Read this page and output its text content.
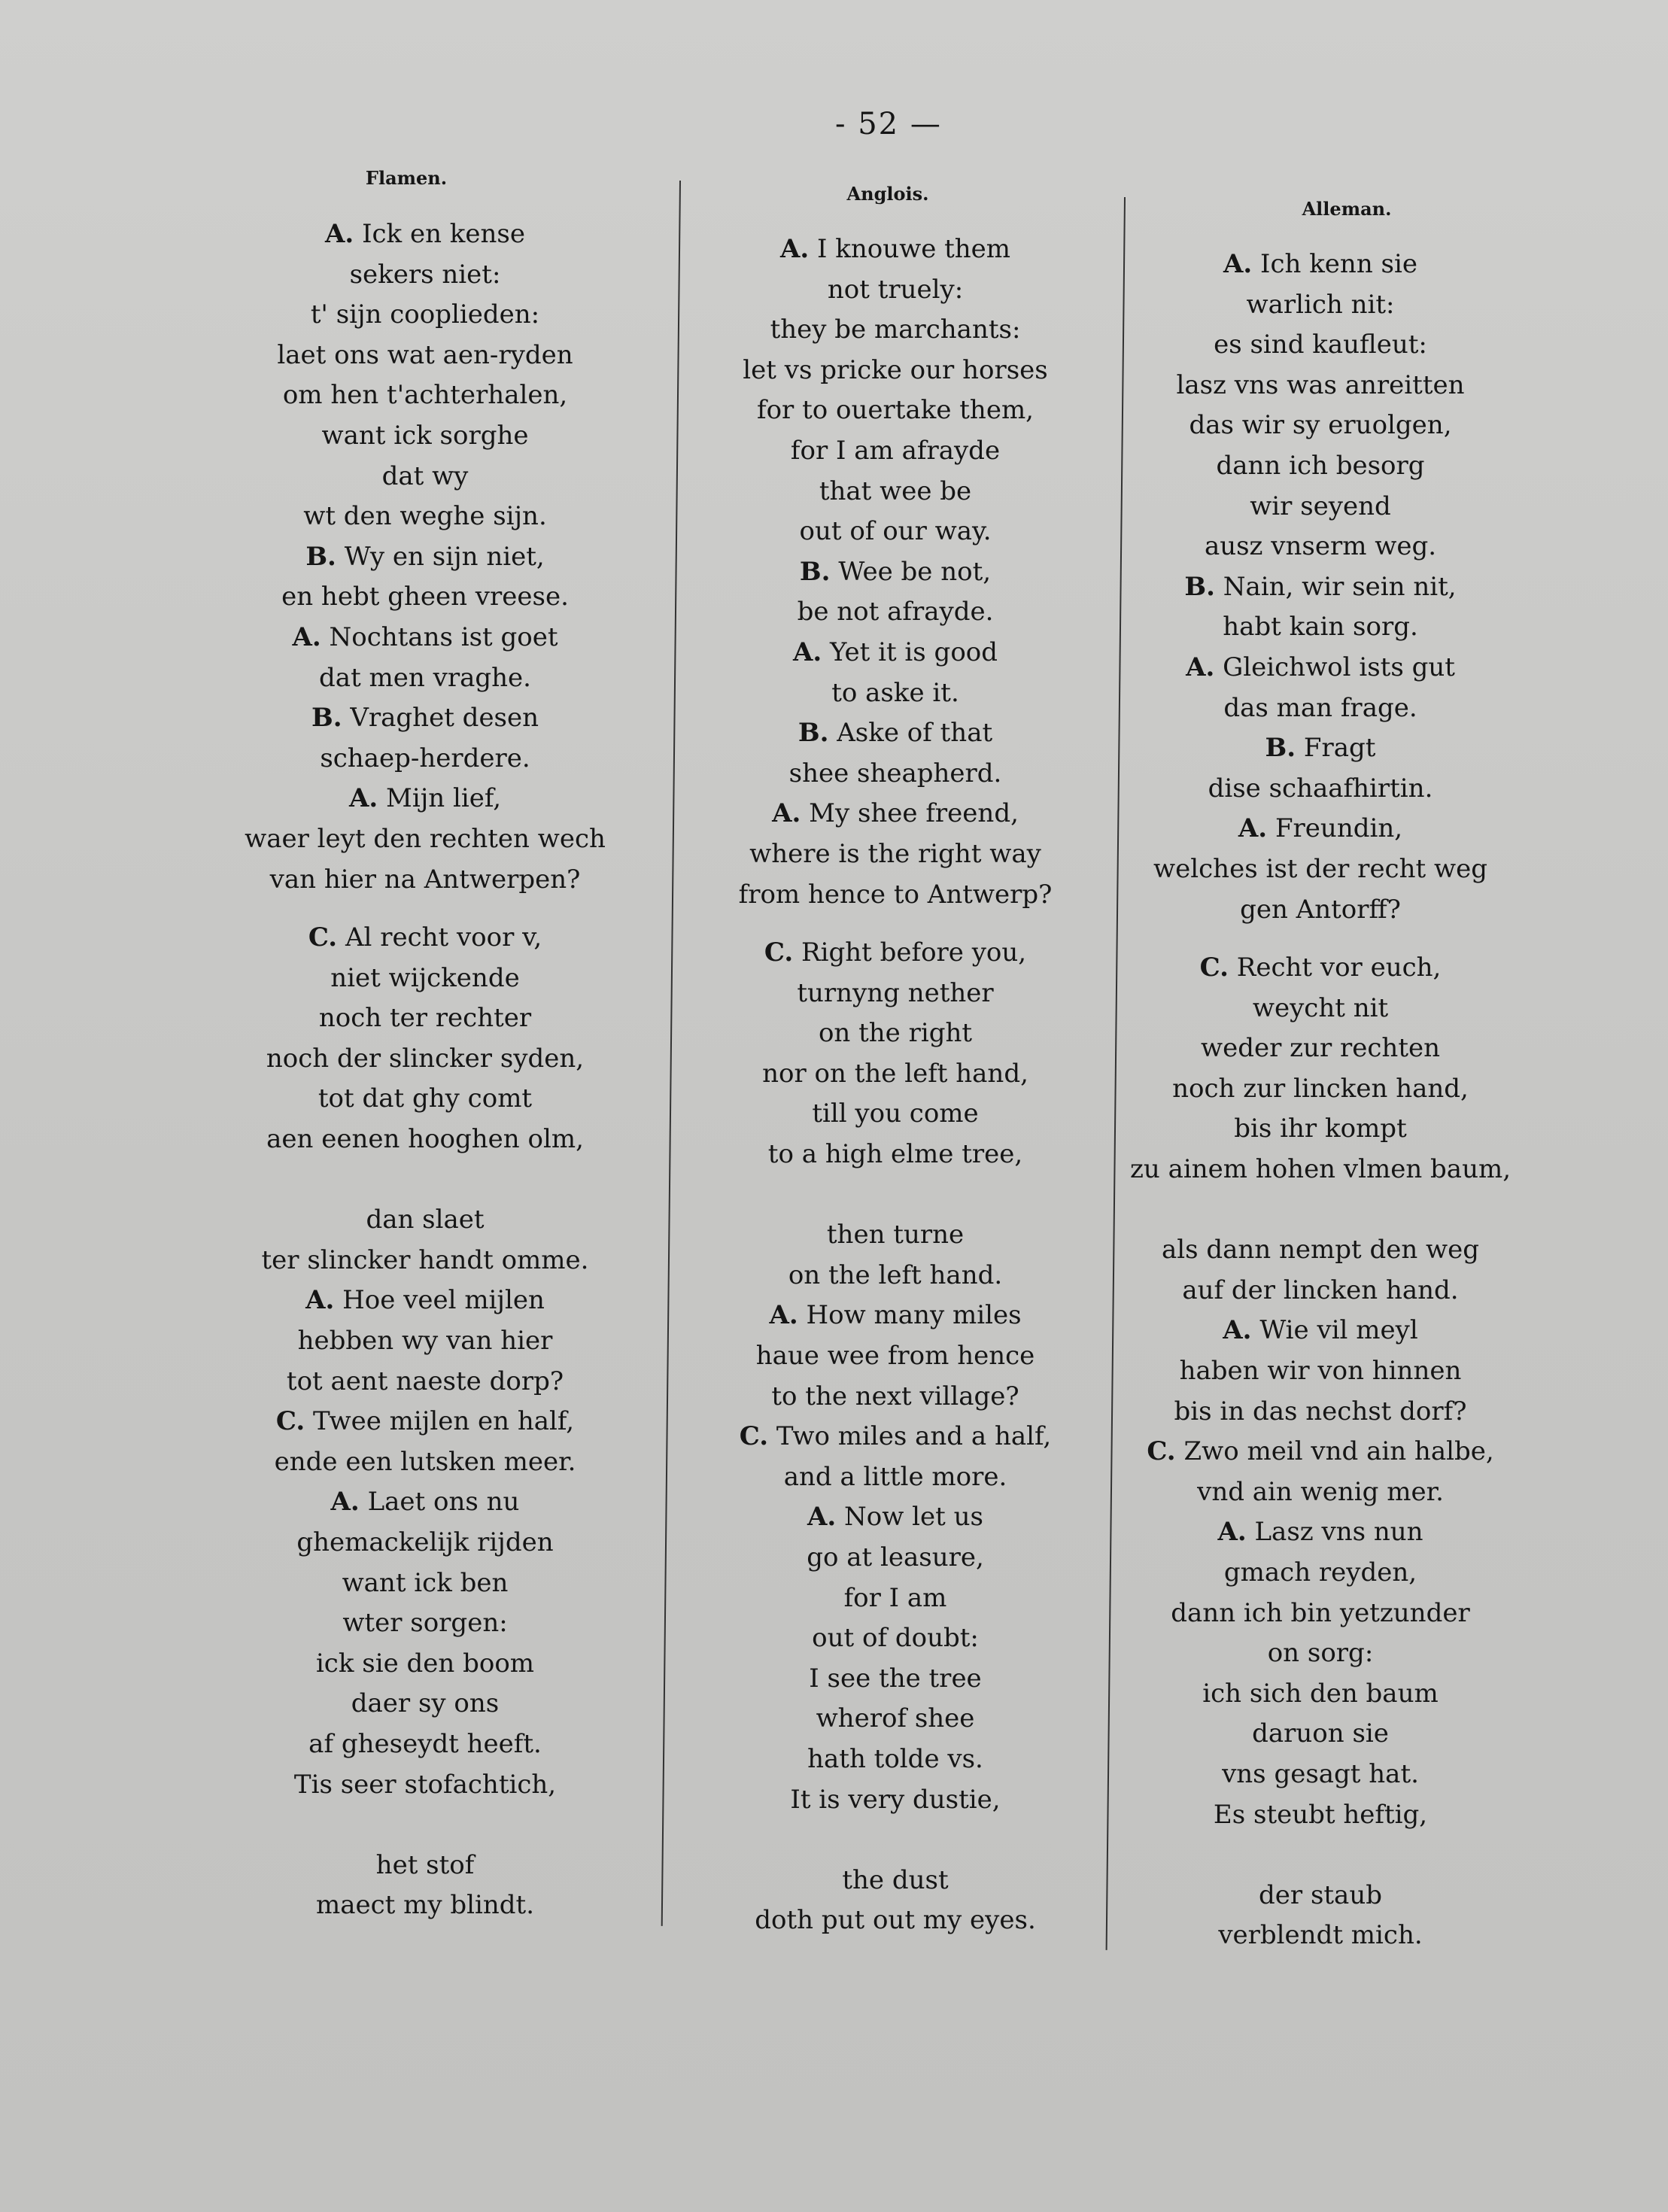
- 52 —
Flamen.
Anglois.
Alleman.
A. Ick en kense
sekers niet:
t' sijn cooplieden:
laet ons wat aen-ryden
om hen t'achterhalen,
want ick sorghe
dat wy
wt den weghe sijn.
B. Wy en sijn niet,
en hebt gheen vreese.
A. Nochtans ist goet
dat men vraghe.
B. Vraghet desen
schaep-herdere.
A. Mijn lief,
waer leyt den rechten wech
van hier na Antwerpen?
C. Al recht voor v,
niet wijckende
noch ter rechter
noch der slincker syden,
tot dat ghy comt
aen eenen hooghen olm,
dan slaet
ter slincker handt omme.
A. Hoe veel mijlen
hebben wy van hier
tot aent naeste dorp?
C. Twee mijlen en half,
ende een lutsken meer.
A. Laet ons nu
ghemackelijk rijden
want ick ben
wter sorgen:
ick sie den boom
daer sy ons
af gheseydt heeft.
Tis seer stofachtich,
het stof
maect my blindt.
A. I knouwe them
not truely:
they be marchants:
let vs pricke our horses
for to ouertake them,
for I am afrayde
that wee be
out of our way.
B. Wee be not,
be not afrayde.
A. Yet it is good
to aske it.
B. Aske of that
shee sheapherd.
A. My shee freend,
where is the right way
from hence to Antwerp?
C. Right before you,
turnyng nether
on the right
nor on the left hand,
till you come
to a high elme tree,
then turne
on the left hand.
A. How many miles
haue wee from hence
to the next village?
C. Two miles and a half,
and a little more.
A. Now let us
go at leasure,
for I am
out of doubt:
I see the tree
wherof shee
hath tolde vs.
It is very dustie,
the dust
doth put out my eyes.
A. Ich kenn sie
warlich nit:
es sind kaufleut:
lasz vns was anreitten
das wir sy eruolgen,
dann ich besorg
wir seyend
ausz vnserm weg.
B. Nain, wir sein nit,
habt kain sorg.
A. Gleichwol ists gut
das man frage.
B. Fragt
dise schaafhirtin.
A. Freundin,
welches ist der recht weg
gen Antorff?
C. Recht vor euch,
weycht nit
weder zur rechten
noch zur lincken hand,
bis ihr kompt
zu ainem hohen vlmen baum,
als dann nempt den weg
auf der lincken hand.
A. Wie vil meyl
haben wir von hinnen
bis in das nechst dorf?
C. Zwo meil vnd ain halbe,
vnd ain wenig mer.
A. Lasz vns nun
gmach reyden,
dann ich bin yetzunder
on sorg:
ich sich den baum
daruon sie
vns gesagt hat.
Es steubt heftig,
der staub
verblendt mich.
